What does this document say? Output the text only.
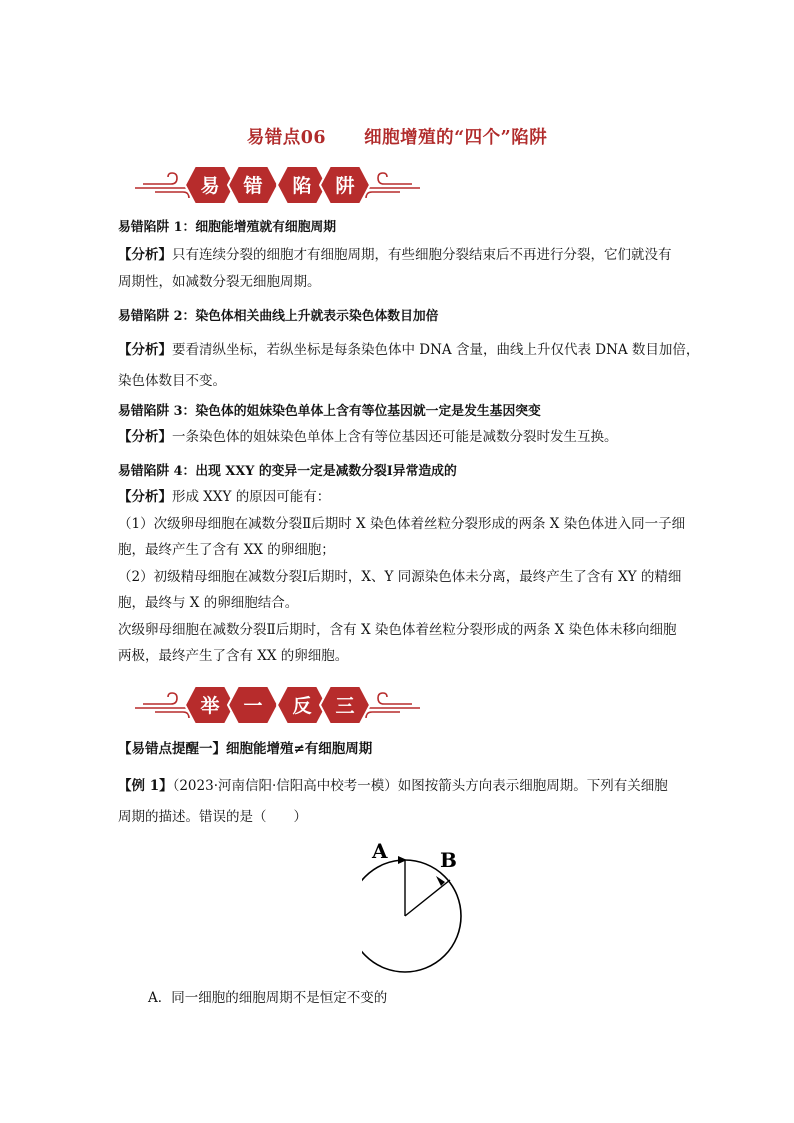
易错点06 细胞增殖的“四个”陷阱
易 错 陷 阱
易错陷阱 1：细胞能增殖就有细胞周期
【分析】只有连续分裂的细胞才有细胞周期，有些细胞分裂结束后不再进行分裂，它们就没有
周期性，如减数分裂无细胞周期。
易错陷阱 2：染色体相关曲线上升就表示染色体数目加倍
【分析】要看清纵坐标，若纵坐标是每条染色体中 DNA 含量，曲线上升仅代表 DNA 数目加倍，
染色体数目不变。
易错陷阱 3：染色体的姐妹染色单体上含有等位基因就一定是发生基因突变
【分析】一条染色体的姐妹染色单体上含有等位基因还可能是减数分裂时发生互换。
易错陷阱 4：出现 XXY 的变异一定是减数分裂Ⅰ异常造成的
【分析】形成 XXY 的原因可能有：
（1）次级卵母细胞在减数分裂Ⅱ后期时 X 染色体着丝粒分裂形成的两条 X 染色体进入同一子细
胞，最终产生了含有 XX 的卵细胞；
（2）初级精母细胞在减数分裂Ⅰ后期时，X、Y 同源染色体未分离，最终产生了含有 XY 的精细
胞，最终与 X 的卵细胞结合。
次级卵母细胞在减数分裂Ⅱ后期时，含有 X 染色体着丝粒分裂形成的两条 X 染色体未移向细胞
两极，最终产生了含有 XX 的卵细胞。
举 一 反 三
【易错点提醒一】细胞能增殖≠有细胞周期
【例 1】（2023·河南信阳·信阳高中校考一模）如图按箭头方向表示细胞周期。下列有关细胞
周期的描述。错误的是（　　）
A	B
A．同一细胞的细胞周期不是恒定不变的
